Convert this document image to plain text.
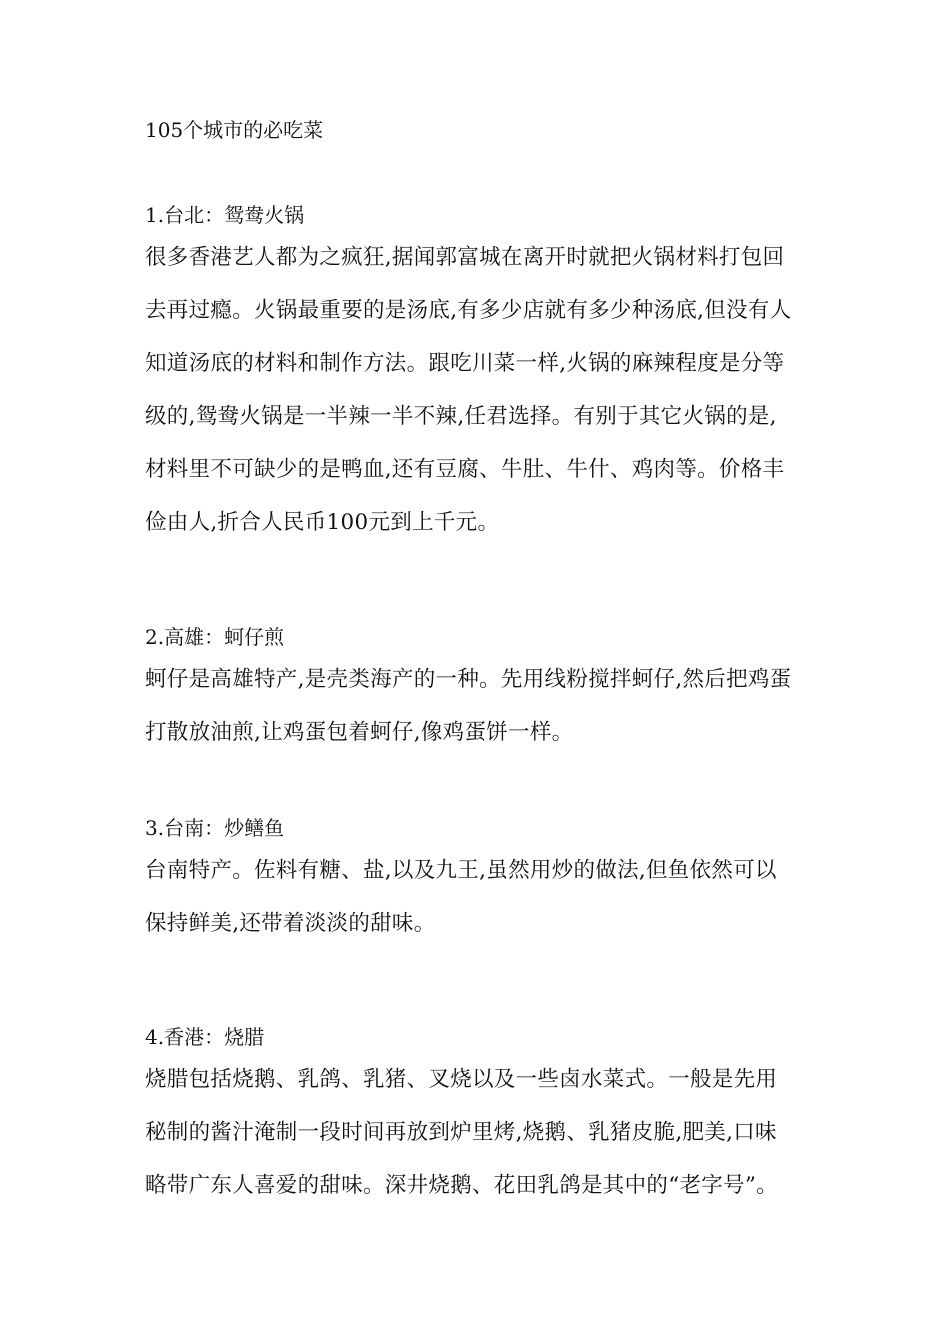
105个城市的必吃菜
1.台北：鸳鸯火锅
很多香港艺人都为之疯狂,据闻郭富城在离开时就把火锅材料打包回
去再过瘾。火锅最重要的是汤底,有多少店就有多少种汤底,但没有人
知道汤底的材料和制作方法。跟吃川菜一样,火锅的麻辣程度是分等
级的,鸳鸯火锅是一半辣一半不辣,任君选择。有别于其它火锅的是,
材料里不可缺少的是鸭血,还有豆腐、牛肚、牛什、鸡肉等。价格丰
俭由人,折合人民币100元到上千元。
2.高雄：蚵仔煎
蚵仔是高雄特产,是壳类海产的一种。先用线粉搅拌蚵仔,然后把鸡蛋
打散放油煎,让鸡蛋包着蚵仔,像鸡蛋饼一样。
3.台南：炒鳝鱼
台南特产。佐料有糖、盐,以及九王,虽然用炒的做法,但鱼依然可以
保持鲜美,还带着淡淡的甜味。
4.香港：烧腊
烧腊包括烧鹅、乳鸽、乳猪、叉烧以及一些卤水菜式。一般是先用
秘制的酱汁淹制一段时间再放到炉里烤,烧鹅、乳猪皮脆,肥美,口味
略带广东人喜爱的甜味。深井烧鹅、花田乳鸽是其中的“老字号”。
